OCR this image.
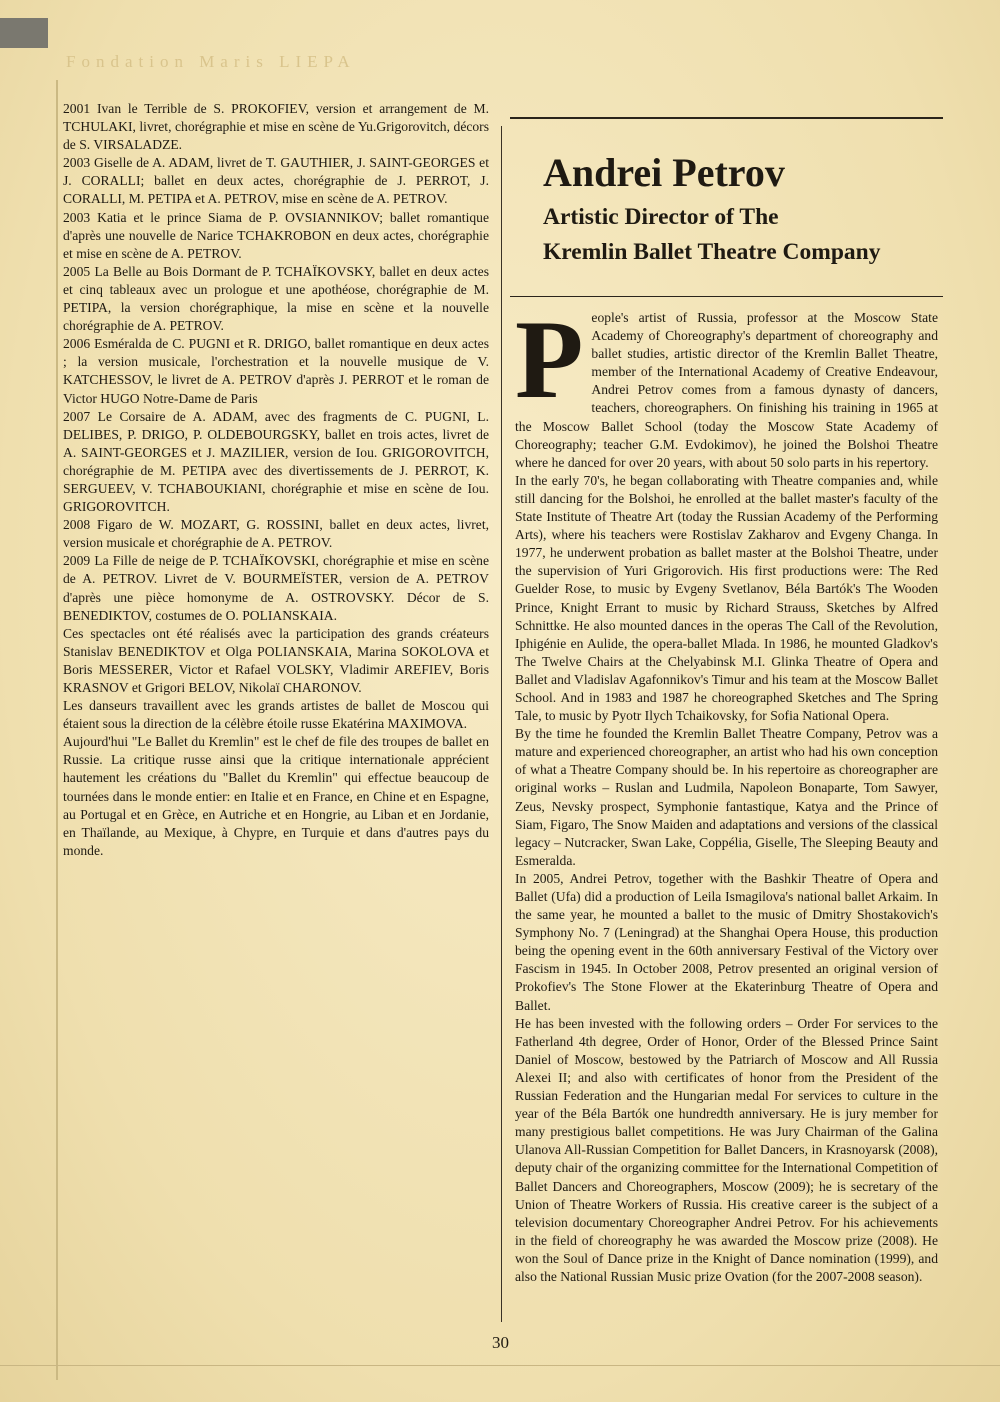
Fondation Maris LIEPA

2001 Ivan le Terrible de S. PROKOFIEV, version et arrangement de M. TCHULAKI, livret, chorégraphie et mise en scène de Yu.Grigorovitch, décors de S. VIRSALADZE.

2003 Giselle de A. ADAM, livret de T. GAUTHIER, J. SAINT-GEORGES et J. CORALLI; ballet en deux actes, chorégraphie de J. PERROT, J. CORALLI, M. PETIPA et A. PETROV, mise en scène de A. PETROV.

2003 Katia et le prince Siama de P. OVSIANNIKOV; ballet romantique d'après une nouvelle de Narice TCHAKROBON en deux actes, chorégraphie et mise en scène de A. PETROV.

2005 La Belle au Bois Dormant de P. TCHAÏKOVSKY, ballet en deux actes et cinq tableaux avec un prologue et une apothéose, chorégraphie de M. PETIPA, la version chorégraphique, la mise en scène et la nouvelle chorégraphie de A. PETROV.

2006 Esméralda de C. PUGNI et R. DRIGO, ballet romantique en deux actes ; la version musicale, l'orchestration et la nouvelle musique de V. KATCHESSOV, le livret de A. PETROV d'après J. PERROT et le roman de Victor HUGO Notre-Dame de Paris

2007 Le Corsaire de A. ADAM, avec des fragments de C. PUGNI, L. DELIBES, P. DRIGO, P. OLDEBOURGSKY, ballet en trois actes, livret de A. SAINT-GEORGES et J. MAZILIER, version de Iou. GRIGOROVITCH, chorégraphie de M. PETIPA avec des divertissements de J. PERROT, K. SERGUEEV, V. TCHABOUKIANI, chorégraphie et mise en scène de Iou. GRIGOROVITCH.

2008 Figaro de W. MOZART, G. ROSSINI, ballet en deux actes, livret, version musicale et chorégraphie de A. PETROV.

2009 La Fille de neige de P. TCHAÏKOVSKI, chorégraphie et mise en scène de A. PETROV. Livret de V. BOURMEÏSTER, version de A. PETROV d'après une pièce homonyme de A. OSTROVSKY. Décor de S. BENEDIKTOV, costumes de O. POLIANSKAIA.

Ces spectacles ont été réalisés avec la participation des grands créateurs Stanislav BENEDIKTOV et Olga POLIANSKAIA, Marina SOKOLOVA et Boris MESSERER, Victor et Rafael VOLSKY, Vladimir AREFIEV, Boris KRASNOV et Grigori BELOV, Nikolaï CHARONOV.

Les danseurs travaillent avec les grands artistes de ballet de Moscou qui étaient sous la direction de la célèbre étoile russe Ekatérina MAXIMOVA.

Aujourd'hui "Le Ballet du Kremlin" est le chef de file des troupes de ballet en Russie. La critique russe ainsi que la critique internationale apprécient hautement les créations du "Ballet du Kremlin" qui effectue beaucoup de tournées dans le monde entier: en Italie et en France, en Chine et en Espagne, au Portugal et en Grèce, en Autriche et en Hongrie, au Liban et en Jordanie, en Thaïlande, au Mexique, à Chypre, en Turquie et dans d'autres pays du monde.

Andrei Petrov
Artistic Director of The
Kremlin Ballet Theatre Company

People's artist of Russia, professor at the Moscow State Academy of Choreography's department of choreography and ballet studies, artistic director of the Kremlin Ballet Theatre, member of the International Academy of Creative Endeavour, Andrei Petrov comes from a famous dynasty of dancers, teachers, choreographers. On finishing his training in 1965 at the Moscow Ballet School (today the Moscow State Academy of Choreography; teacher G.M. Evdokimov), he joined the Bolshoi Theatre where he danced for over 20 years, with about 50 solo parts in his repertory.

In the early 70's, he began collaborating with Theatre companies and, while still dancing for the Bolshoi, he enrolled at the ballet master's faculty of the State Institute of Theatre Art (today the Russian Academy of the Performing Arts), where his teachers were Rostislav Zakharov and Evgeny Changa. In 1977, he underwent probation as ballet master at the Bolshoi Theatre, under the supervision of Yuri Grigorovich. His first productions were: The Red Guelder Rose, to music by Evgeny Svetlanov, Béla Bartók's The Wooden Prince, Knight Errant to music by Richard Strauss, Sketches by Alfred Schnittke. He also mounted dances in the operas The Call of the Revolution, Iphigénie en Aulide, the opera-ballet Mlada. In 1986, he mounted Gladkov's The Twelve Chairs at the Chelyabinsk M.I. Glinka Theatre of Opera and Ballet and Vladislav Agafonnikov's Timur and his team at the Moscow Ballet School. And in 1983 and 1987 he choreographed Sketches and The Spring Tale, to music by Pyotr Ilych Tchaikovsky, for Sofia National Opera.

By the time he founded the Kremlin Ballet Theatre Company, Petrov was a mature and experienced choreographer, an artist who had his own conception of what a Theatre Company should be. In his repertoire as choreographer are original works – Ruslan and Ludmila, Napoleon Bonaparte, Tom Sawyer, Zeus, Nevsky prospect, Symphonie fantastique, Katya and the Prince of Siam, Figaro, The Snow Maiden and adaptations and versions of the classical legacy – Nutcracker, Swan Lake, Coppélia, Giselle, The Sleeping Beauty and Esmeralda.

In 2005, Andrei Petrov, together with the Bashkir Theatre of Opera and Ballet (Ufa) did a production of Leila Ismagilova's national ballet Arkaim. In the same year, he mounted a ballet to the music of Dmitry Shostakovich's Symphony No. 7 (Leningrad) at the Shanghai Opera House, this production being the opening event in the 60th anniversary Festival of the Victory over Fascism in 1945. In October 2008, Petrov presented an original version of Prokofiev's The Stone Flower at the Ekaterinburg Theatre of Opera and Ballet.

He has been invested with the following orders – Order For services to the Fatherland 4th degree, Order of Honor, Order of the Blessed Prince Saint Daniel of Moscow, bestowed by the Patriarch of Moscow and All Russia Alexei II; and also with certificates of honor from the President of the Russian Federation and the Hungarian medal For services to culture in the year of the Béla Bartók one hundredth anniversary. He is jury member for many prestigious ballet competitions. He was Jury Chairman of the Galina Ulanova All-Russian Competition for Ballet Dancers, in Krasnoyarsk (2008), deputy chair of the organizing committee for the International Competition of Ballet Dancers and Choreographers, Moscow (2009); he is secretary of the Union of Theatre Workers of Russia. His creative career is the subject of a television documentary Choreographer Andrei Petrov. For his achievements in the field of choreography he was awarded the Moscow prize (2008). He won the Soul of Dance prize in the Knight of Dance nomination (1999), and also the National Russian Music prize Ovation (for the 2007-2008 season).

30
